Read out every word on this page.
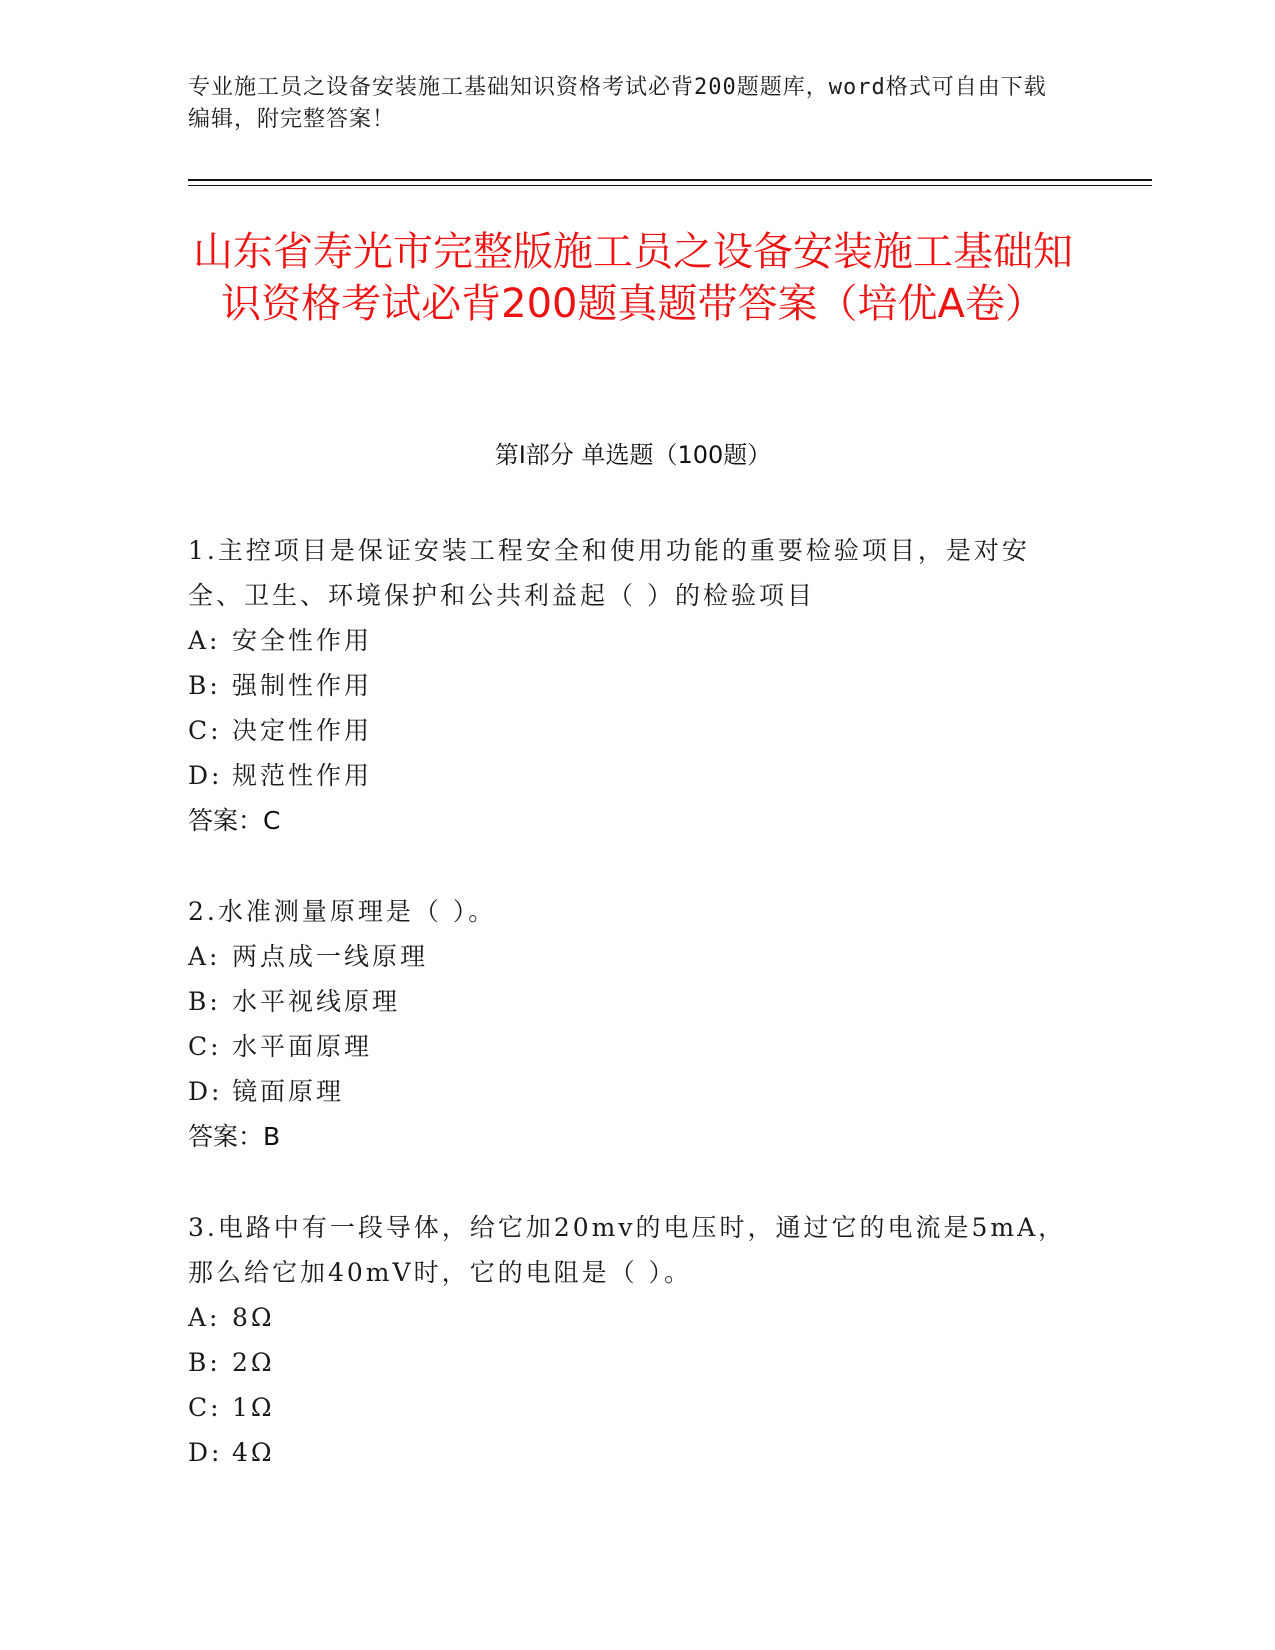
专业施工员之设备安装施工基础知识资格考试必背200题题库，word格式可自由下载编辑，附完整答案！
山东省寿光市完整版施工员之设备安装施工基础知识资格考试必背200题真题带答案（培优A卷）
第I部分 单选题（100题）
1.主控项目是保证安装工程安全和使用功能的重要检验项目，是对安全、卫生、环境保护和公共利益起（ ）的检验项目
A: 安全性作用
B: 强制性作用
C: 决定性作用
D: 规范性作用
答案：C
2.水准测量原理是（ ）。
A: 两点成一线原理
B: 水平视线原理
C: 水平面原理
D: 镜面原理
答案：B
3.电路中有一段导体，给它加20mv的电压时，通过它的电流是5mA，那么给它加40mV时，它的电阻是（ ）。
A: 8Ω
B: 2Ω
C: 1Ω
D: 4Ω
